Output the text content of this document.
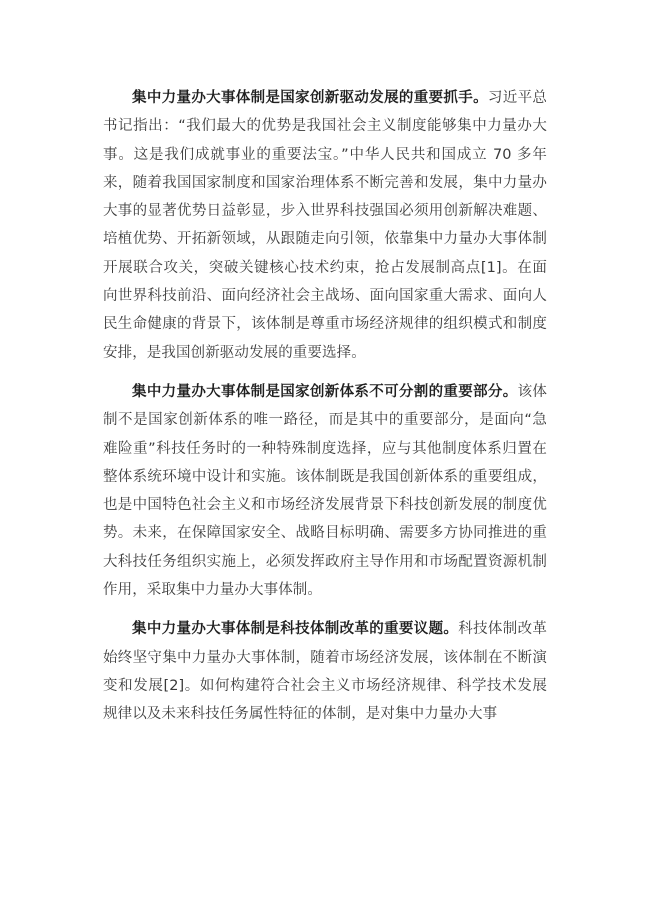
集中力量办大事体制是国家创新驱动发展的重要抓手。习近平总书记指出：“我们最大的优势是我国社会主义制度能够集中力量办大事。这是我们成就事业的重要法宝。”中华人民共和国成立 70 多年来，随着我国国家制度和国家治理体系不断完善和发展，集中力量办大事的显著优势日益彰显，步入世界科技强国必须用创新解决难题、培植优势、开拓新领域，从跟随走向引领，依靠集中力量办大事体制开展联合攻关，突破关键核心技术约束，抢占发展制高点[1]。在面向世界科技前沿、面向经济社会主战场、面向国家重大需求、面向人民生命健康的背景下，该体制是尊重市场经济规律的组织模式和制度安排，是我国创新驱动发展的重要选择。

集中力量办大事体制是国家创新体系不可分割的重要部分。该体制不是国家创新体系的唯一路径，而是其中的重要部分，是面向“急难险重”科技任务时的一种特殊制度选择，应与其他制度体系归置在整体系统环境中设计和实施。该体制既是我国创新体系的重要组成，也是中国特色社会主义和市场经济发展背景下科技创新发展的制度优势。未来，在保障国家安全、战略目标明确、需要多方协同推进的重大科技任务组织实施上，必须发挥政府主导作用和市场配置资源机制作用，采取集中力量办大事体制。

集中力量办大事体制是科技体制改革的重要议题。科技体制改革始终坚守集中力量办大事体制，随着市场经济发展，该体制在不断演变和发展[2]。如何构建符合社会主义市场经济规律、科学技术发展规律以及未来科技任务属性特征的体制，是对集中力量办大事
